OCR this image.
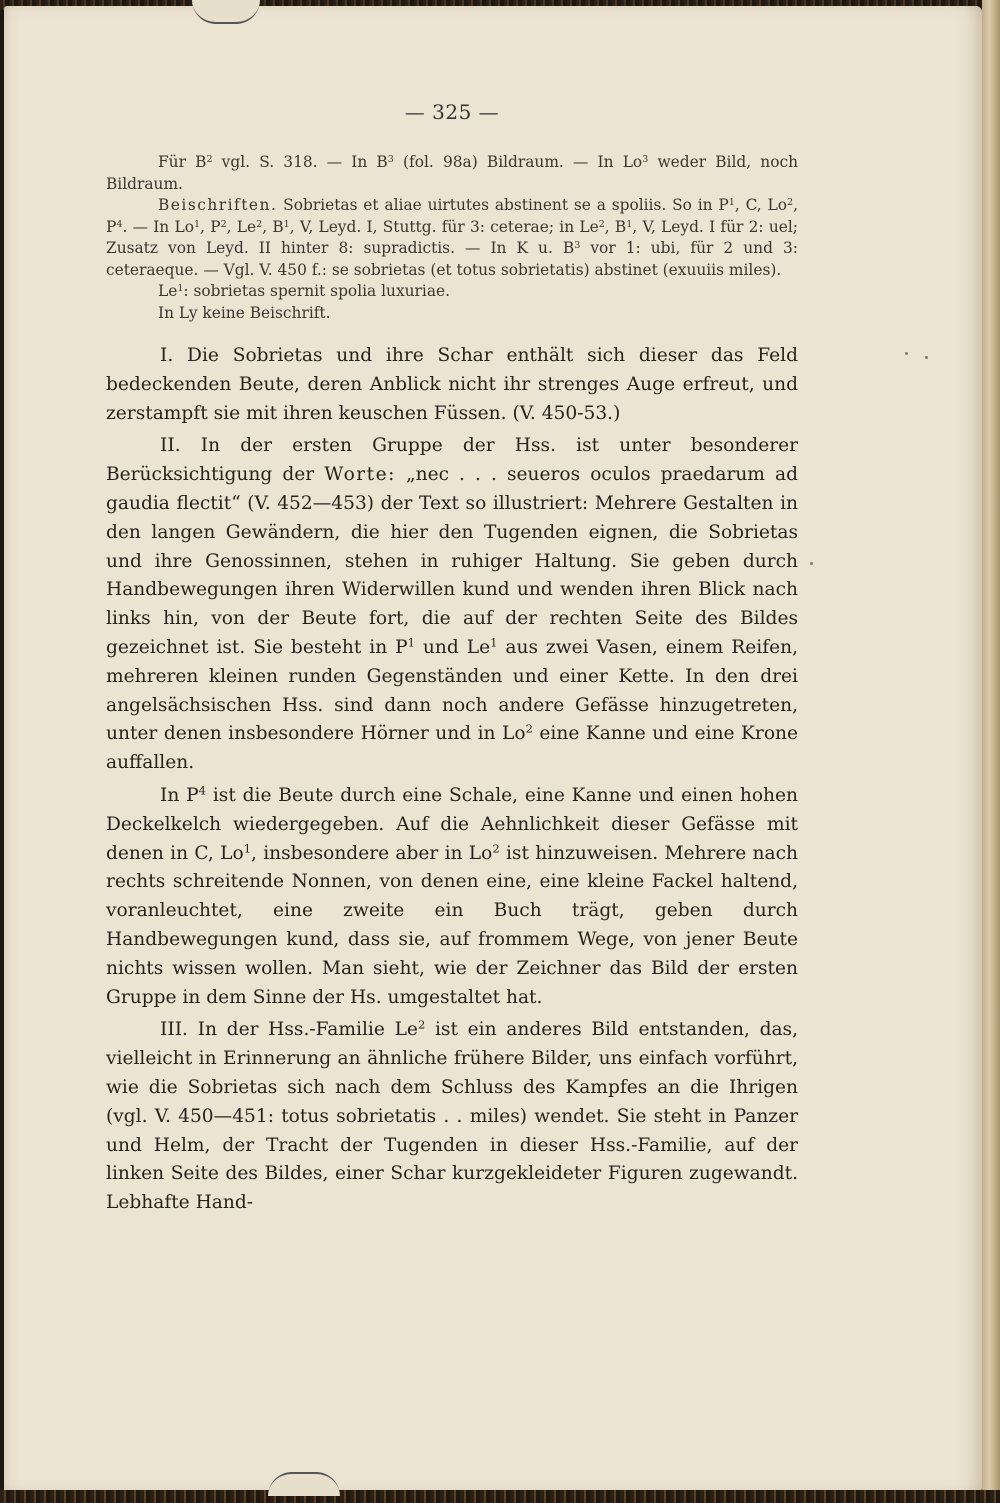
— 325 —

Für $B^2$ vgl. S. 318. — In $B^3$ (fol. 98a) Bildraum. — In Lo$^3$ weder Bild, noch Bildraum.

Beischriften. Sobrietas et aliae uirtutes abstinent se a spoliis. So in $P^1$, C, Lo$^2$, $P^4$. — In Lo$^1$, $P^2$, Le$^2$, $B^1$, V, Leyd. I, Stuttg. für 3: ceterae; in Le$^2$, $B^1$, V, Leyd. I für 2: uel; Zusatz von Leyd. II hinter 8: supradictis. — In K u. $B^3$ vor 1: ubi, für 2 und 3: ceteraeque. — Vgl. V. 450 f.: se sobrietas (et totus sobrietatis) abstinet (exuuiis miles).

Le$^1$: sobrietas spernit spolia luxuriae.

In Ly keine Beischrift.

I. Die Sobrietas und ihre Schar enthält sich dieser das Feld bedeckenden Beute, deren Anblick nicht ihr strenges Auge erfreut, und zerstampft sie mit ihren keuschen Füssen. (V. 450-53.)

II. In der ersten Gruppe der Hss. ist unter besonderer Berücksichtigung der Worte: „nec . . . seueros oculos praedarum ad gaudia flectit“ (V. 452—453) der Text so illustriert: Mehrere Gestalten in den langen Gewändern, die hier den Tugenden eignen, die Sobrietas und ihre Genossinnen, stehen in ruhiger Haltung. Sie geben durch Handbewegungen ihren Widerwillen kund und wenden ihren Blick nach links hin, von der Beute fort, die auf der rechten Seite des Bildes gezeichnet ist. Sie besteht in $P^1$ und Le$^1$ aus zwei Vasen, einem Reifen, mehreren kleinen runden Gegenständen und einer Kette. In den drei angelsächsischen Hss. sind dann noch andere Gefässe hinzugetreten, unter denen insbesondere Hörner und in Lo$^2$ eine Kanne und eine Krone auffallen.

In $P^4$ ist die Beute durch eine Schale, eine Kanne und einen hohen Deckelkelch wiedergegeben. Auf die Aehnlichkeit dieser Gefässe mit denen in C, Lo$^1$, insbesondere aber in Lo$^2$ ist hinzuweisen. Mehrere nach rechts schreitende Nonnen, von denen eine, eine kleine Fackel haltend, voranleuchtet, eine zweite ein Buch trägt, geben durch Handbewegungen kund, dass sie, auf frommem Wege, von jener Beute nichts wissen wollen. Man sieht, wie der Zeichner das Bild der ersten Gruppe in dem Sinne der Hs. umgestaltet hat.

III. In der Hss.-Familie Le$^2$ ist ein anderes Bild entstanden, das, vielleicht in Erinnerung an ähnliche frühere Bilder, uns einfach vorführt, wie die Sobrietas sich nach dem Schluss des Kampfes an die Ihrigen (vgl. V. 450—451: totus sobrietatis . . miles) wendet. Sie steht in Panzer und Helm, der Tracht der Tugenden in dieser Hss.-Familie, auf der linken Seite des Bildes, einer Schar kurzgekleideter Figuren zugewandt. Lebhafte Hand-
